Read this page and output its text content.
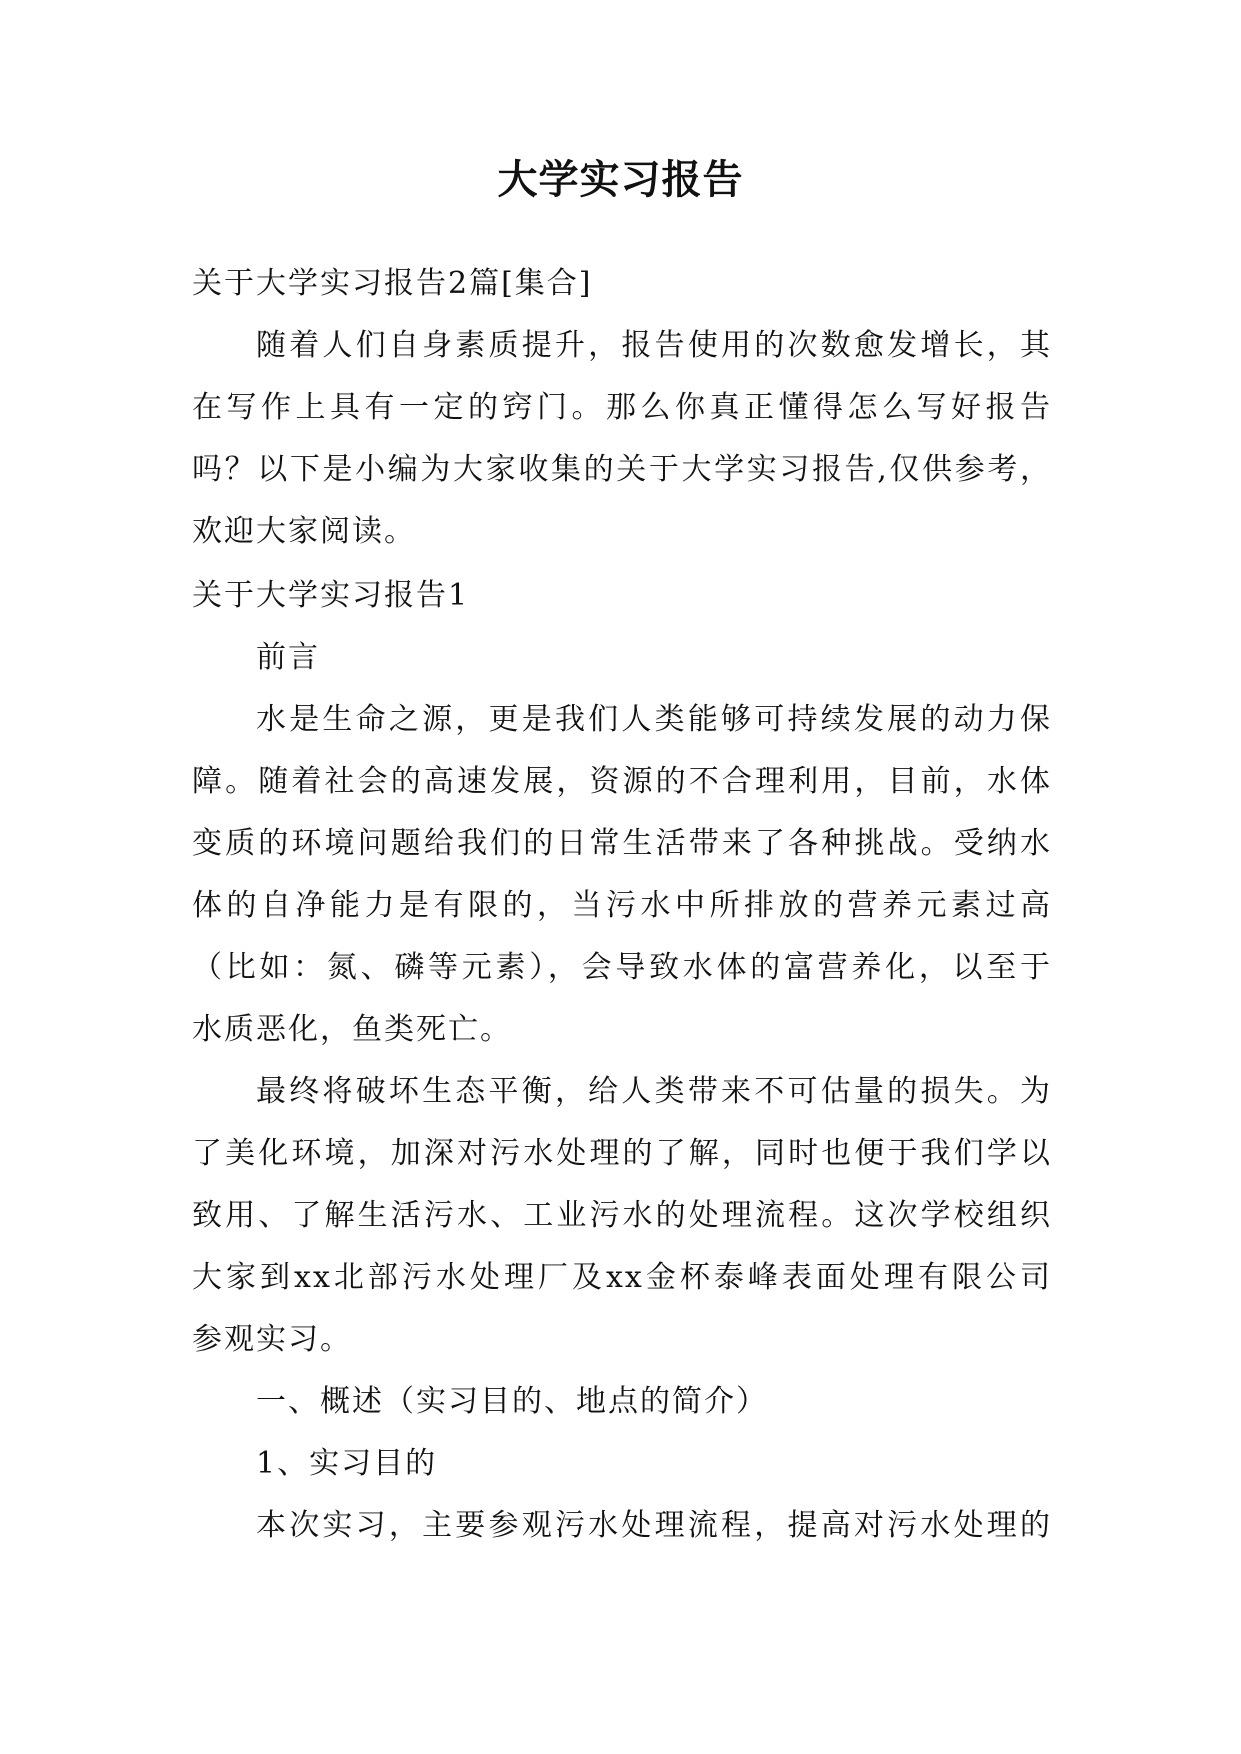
大学实习报告

关于大学实习报告2篇[集合]

随着人们自身素质提升，报告使用的次数愈发增长，其

在写作上具有一定的窍门。那么你真正懂得怎么写好报告

吗？以下是小编为大家收集的关于大学实习报告,仅供参考，

欢迎大家阅读。

关于大学实习报告1

前言

水是生命之源，更是我们人类能够可持续发展的动力保

障。随着社会的高速发展，资源的不合理利用，目前，水体

变质的环境问题给我们的日常生活带来了各种挑战。受纳水

体的自净能力是有限的，当污水中所排放的营养元素过高

（比如：氮、磷等元素），会导致水体的富营养化，以至于

水质恶化，鱼类死亡。

最终将破坏生态平衡，给人类带来不可估量的损失。为

了美化环境，加深对污水处理的了解，同时也便于我们学以

致用、了解生活污水、工业污水的处理流程。这次学校组织

大家到xx北部污水处理厂及xx金杯泰峰表面处理有限公司

参观实习。

一、概述（实习目的、地点的简介）

1、实习目的

本次实习，主要参观污水处理流程，提高对污水处理的
